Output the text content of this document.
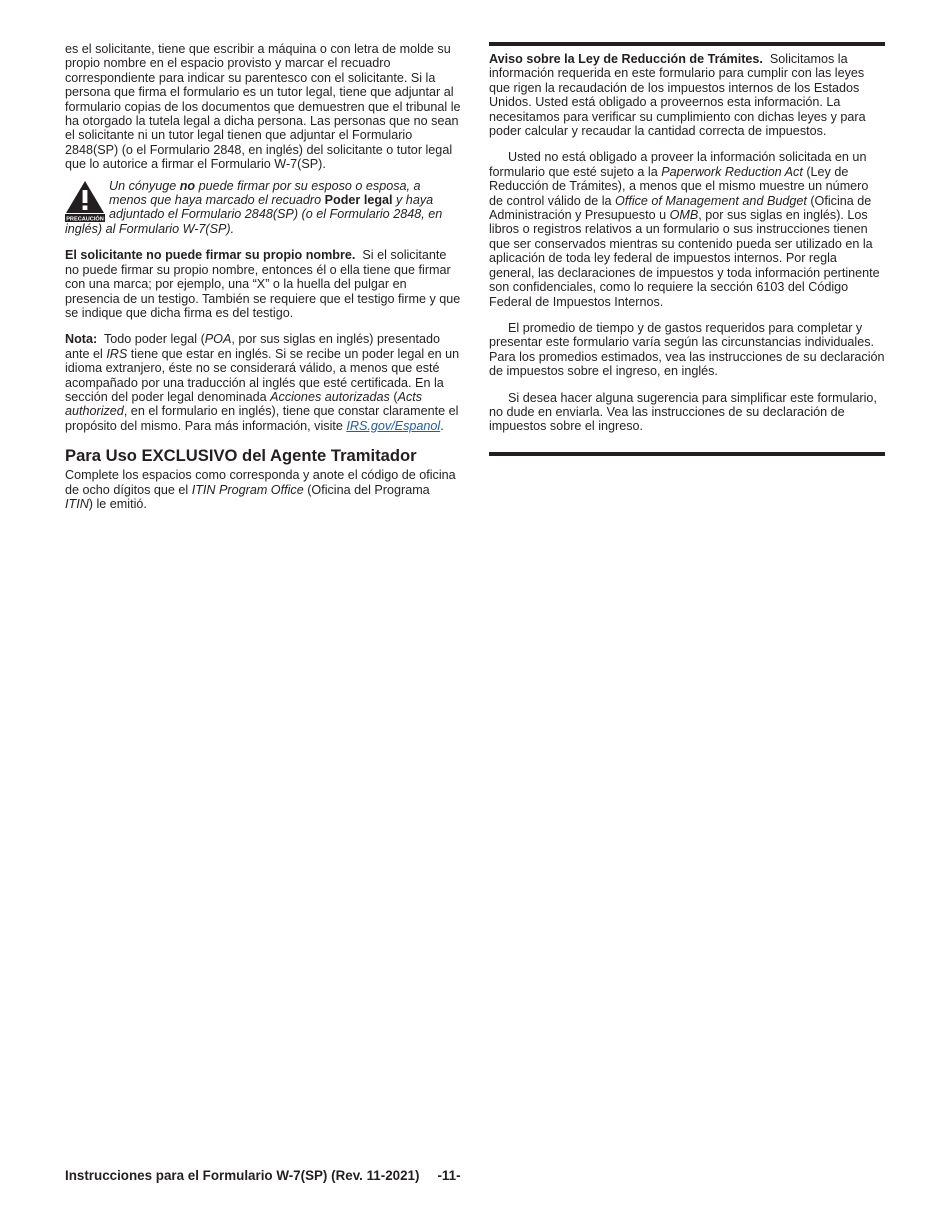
es el solicitante, tiene que escribir a máquina o con letra de molde su propio nombre en el espacio provisto y marcar el recuadro correspondiente para indicar su parentesco con el solicitante. Si la persona que firma el formulario es un tutor legal, tiene que adjuntar al formulario copias de los documentos que demuestren que el tribunal le ha otorgado la tutela legal a dicha persona. Las personas que no sean el solicitante ni un tutor legal tienen que adjuntar el Formulario 2848(SP) (o el Formulario 2848, en inglés) del solicitante o tutor legal que lo autorice a firmar el Formulario W-7(SP).

PRECAUCIÓN

Un cónyuge no puede firmar por su esposo o esposa, a menos que haya marcado el recuadro Poder legal y haya adjuntado el Formulario 2848(SP) (o el Formulario 2848, en inglés) al Formulario W-7(SP).

El solicitante no puede firmar su propio nombre.  Si el solicitante no puede firmar su propio nombre, entonces él o ella tiene que firmar con una marca; por ejemplo, una “X” o la huella del pulgar en presencia de un testigo. También se requiere que el testigo firme y que se indique que dicha firma es del testigo.

Nota:  Todo poder legal (POA, por sus siglas en inglés) presentado ante el IRS tiene que estar en inglés. Si se recibe un poder legal en un idioma extranjero, éste no se considerará válido, a menos que esté acompañado por una traducción al inglés que esté certificada. En la sección del poder legal denominada Acciones autorizadas (Acts authorized, en el formulario en inglés), tiene que constar claramente el propósito del mismo. Para más información, visite IRS.gov/Espanol.

Para Uso EXCLUSIVO del Agente Tramitador

Complete los espacios como corresponda y anote el código de oficina de ocho dígitos que el ITIN Program Office (Oficina del Programa ITIN) le emitió.

Aviso sobre la Ley de Reducción de Trámites.  Solicitamos la información requerida en este formulario para cumplir con las leyes que rigen la recaudación de los impuestos internos de los Estados Unidos. Usted está obligado a proveernos esta información. La necesitamos para verificar su cumplimiento con dichas leyes y para poder calcular y recaudar la cantidad correcta de impuestos.

Usted no está obligado a proveer la información solicitada en un formulario que esté sujeto a la Paperwork Reduction Act (Ley de Reducción de Trámites), a menos que el mismo muestre un número de control válido de la Office of Management and Budget (Oficina de Administración y Presupuesto u OMB, por sus siglas en inglés). Los libros o registros relativos a un formulario o sus instrucciones tienen que ser conservados mientras su contenido pueda ser utilizado en la aplicación de toda ley federal de impuestos internos. Por regla general, las declaraciones de impuestos y toda información pertinente son confidenciales, como lo requiere la sección 6103 del Código Federal de Impuestos Internos.

El promedio de tiempo y de gastos requeridos para completar y presentar este formulario varía según las circunstancias individuales. Para los promedios estimados, vea las instrucciones de su declaración de impuestos sobre el ingreso, en inglés.

Si desea hacer alguna sugerencia para simplificar este formulario, no dude en enviarla. Vea las instrucciones de su declaración de impuestos sobre el ingreso.

Instrucciones para el Formulario W-7(SP) (Rev. 11-2021) -11-
